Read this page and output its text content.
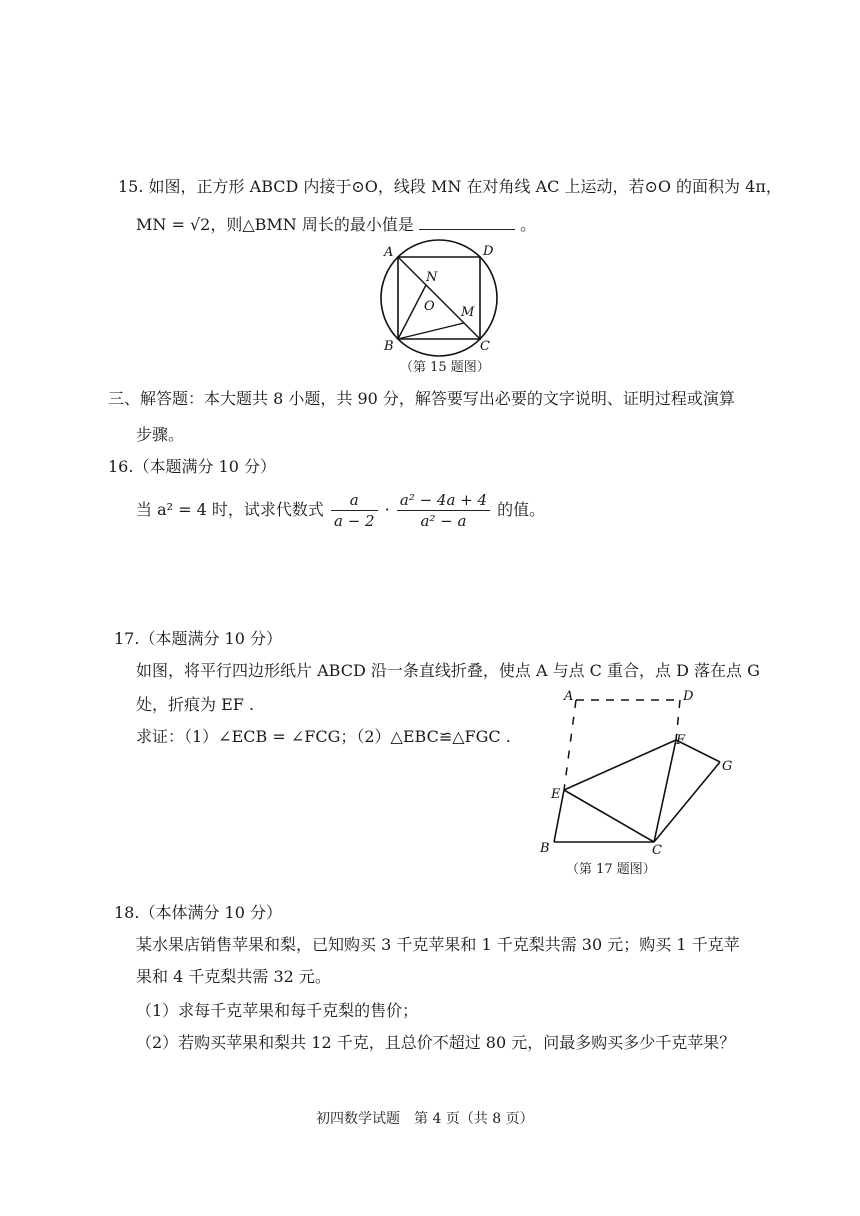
15. 如图，正方形 ABCD 内接于⊙O，线段 MN 在对角线 AC 上运动，若⊙O 的面积为 4π，
MN = √2，则△BMN 周长的最小值是	。
A	D
N
O M
B	C
（第 15 题图）
三、解答题：本大题共 8 小题，共 90 分，解答要写出必要的文字说明、证明过程或演算
步骤。
16.（本题满分 10 分）
当 a² = 4 时，试求代数式 $\frac{a}{a - 2} \cdot \frac{\text{a² − 4a + 4}}{\text{a² − a}}$ 的值。
17.（本题满分 10 分）
如图，将平行四边形纸片 ABCD 沿一条直线折叠，使点 A 与点 C 重合，点 D 落在点 G
处，折痕为 EF .
求证：（1）∠ECB = ∠FCG；（2）△EBC≌△FGC .
A	D
F
G
E
B	C
（第 17 题图）
18.（本体满分 10 分）
某水果店销售苹果和梨，已知购买 3 千克苹果和 1 千克梨共需 30 元；购买 1 千克苹
果和 4 千克梨共需 32 元。
（1）求每千克苹果和每千克梨的售价；
（2）若购买苹果和梨共 12 千克，且总价不超过 80 元，问最多购买多少千克苹果？
初四数学试题　第 4 页（共 8 页）
